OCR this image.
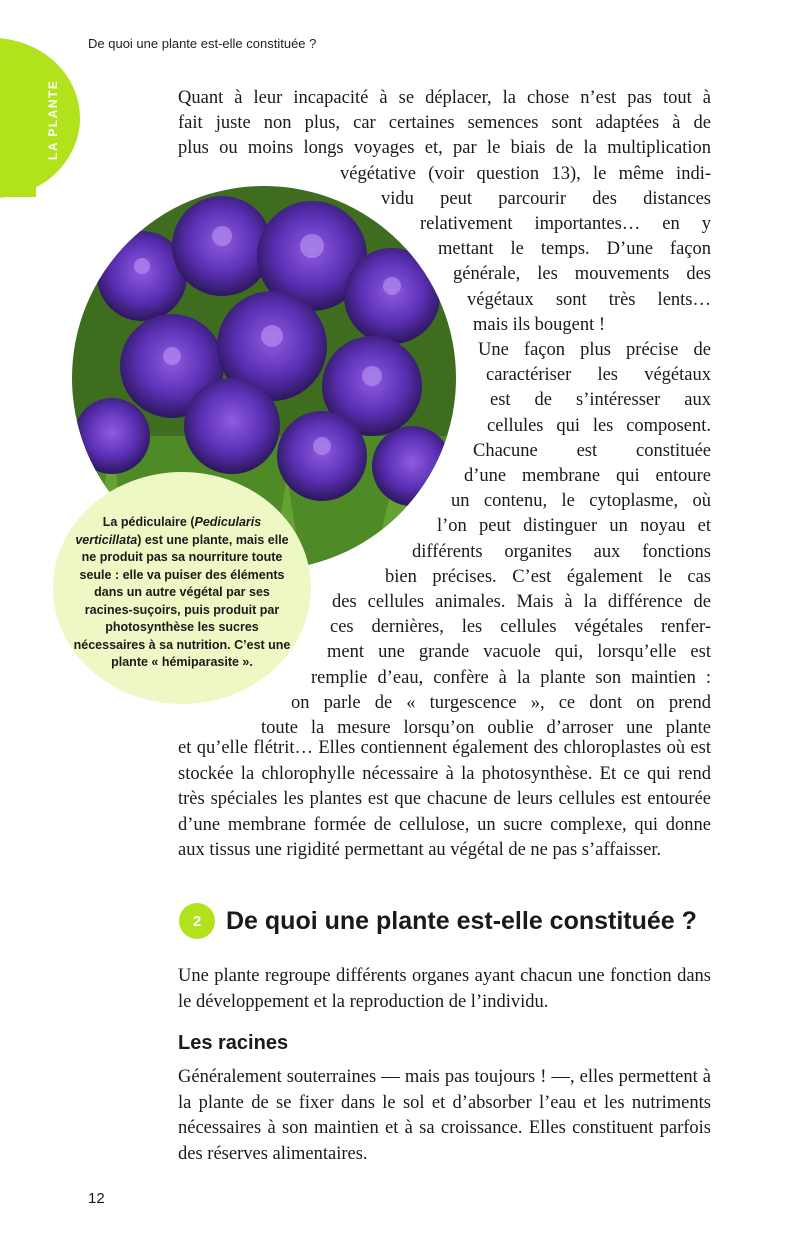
De quoi une plante est-elle constituée ?
LA PLANTE
La pédiculaire (Pedicularis verticillata) est une plante, mais elle ne produit pas sa nourriture toute seule : elle va puiser des éléments dans un autre végétal par ses racines-suçoirs, puis produit par photosynthèse les sucres nécessaires à sa nutrition. C’est une plante « hémiparasite ».
Quant à leur incapacité à se déplacer, la chose n’est pas tout à
fait juste non plus, car certaines semences sont adaptées à de
plus ou moins longs voyages et, par le biais de la multiplication
végétative (voir question 13), le même indi-
vidu peut parcourir des distances
relativement importantes… en y
mettant le temps. D’une façon
générale, les mouvements des
végétaux sont très lents…
mais ils bougent !
Une façon plus précise de
caractériser les végétaux
est de s’intéresser aux
cellules qui les composent.
Chacune est constituée
d’une membrane qui entoure
un contenu, le cytoplasme, où
l’on peut distinguer un noyau et
différents organites aux fonctions
bien précises. C’est également le cas
des cellules animales. Mais à la différence de
ces dernières, les cellules végétales renfer-
ment une grande vacuole qui, lorsqu’elle est
remplie d’eau, confère à la plante son maintien :
on parle de « turgescence », ce dont on prend
toute la mesure lorsqu’on oublie d’arroser une plante
et qu’elle flétrit… Elles contiennent également des chloroplastes où est stockée la chlorophylle nécessaire à la photosynthèse. Et ce qui rend très spéciales les plantes est que chacune de leurs cellules est entourée d’une membrane formée de cellulose, un sucre complexe, qui donne aux tissus une rigidité permettant au végétal de ne pas s’affaisser.
2 De quoi une plante est-elle constituée ?
Une plante regroupe différents organes ayant chacun une fonction dans le développement et la reproduction de l’individu.
Les racines
Généralement souterraines — mais pas toujours ! —, elles permettent à la plante de se fixer dans le sol et d’absorber l’eau et les nutriments nécessaires à son maintien et à sa croissance. Elles constituent parfois des réserves alimentaires.
12
